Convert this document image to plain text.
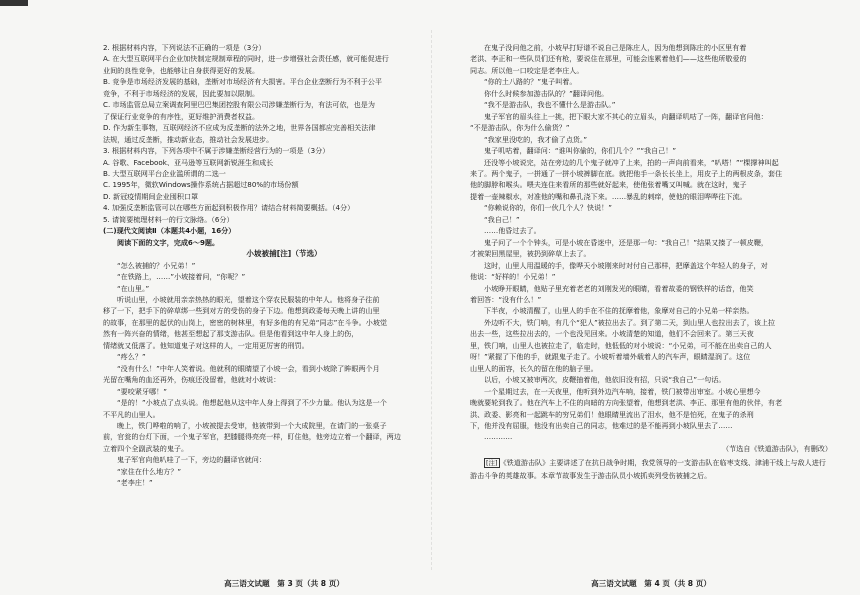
2. 根据材料内容，下列说法不正确的一项是（3分）

A. 在大型互联网平台企业加快制定规制章程的同时，进一步增强社会责任感，就可能促进行

业间的良性竞争，也能够让自身获得更好的发展。

B. 竞争是市场经济发展的基础，垄断对市场经济有大损害。平台企业垄断行为不利于公平

竞争，不利于市场经济的发展，因此要加以限制。

C. 市场监管总局立案调查阿里巴巴集团控股有限公司涉嫌垄断行为，有法可依，也是为

了保证行业竞争的有序性，更好维护消费者权益。

D. 作为新生事物，互联网经济不应成为反垄断的法外之地，世界各国都应完善相关法律

法规，通过反垄断，推动新业态，推动社会发展进步。

3. 根据材料内容，下列各项中不属于涉嫌垄断经营行为的一项是（3分）

A. 谷歌、Facebook、亚马逊等互联网新锐涯生和成长

B. 大型互联网平台企业滥所谓的二选一

C. 1995年，微软Windows操作系统占据超过80%的市场份额

D. 新冠疫情期间企业囤积口罩

4. 加强反垄断监管可以在哪些方面起到积极作用？请结合材料简要概括。（4分）

5. 请简要梳理材料一的行文脉络。（6分）

(二)现代文阅读Ⅱ（本题共4小题，16分）

阅读下面的文字，完成6～9题。

小坡被捕[注]（节选）

“怎么被捕的？小兄弟！”

“在铁路上，……”小坡接着问，“你呢？”

“在山里。”

听说山里，小坡就用亲亲热热的眼光，望着这个穿农民服装的中年人。他将身子往前

移了一下，把手下的碎草绑一些到对方的受伤的身子下边。他想到政委每天晚上讲的山里

的故事，在那里的起伏的山岗上，密密的树林里，有好多他的有兄弟“同志”在斗争。小坡觉

然有一阵兴奋的情绪，他甚至想起了那支游击队。但是他看到这中年人身上的伤，

情绪就又低落了。他知道鬼子对这样的人，一定用更厉害的刑罚。

“疼么？”

“没有什么！”中年人笑着说。他就利的眼睛望了小坡一会，看到小坡除了眸眼两个月

光留在嘴角的血还再外，伤痕还没留着，他就对小坡说：

“要咬紧牙哪！”

“是的！”小坡点了点头说。他想起他从这中年人身上得到了不少力量。他认为这是一个

不平凡的山里人。

晚上，铁门哗啦的响了，小坡被提去受审，他被带到一个大成院里，在请门的一张桌子

前，官瓮的台灯下面，一个鬼子军官，把膝腿得亮亮一样，盯住他，他旁边立着一个翻译，两边

立着四个全副武装的鬼子。

鬼子军官向他叭哇了一下，旁边的翻译官就问：

“家住在什么地方？”

“老李庄！”

在鬼子没问他之前，小坡早打好谱不说自己是陈庄人，因为他想到陈庄的小区里有着

老洪、李正和一些队员们还有枪，要说住在那里，可能会连累着他们——这些他所敬爱的

同志。所以他一口咬定是老李庄人。

“你的土八路的？”鬼子叫着。

你什么时候参加游击队的？”翻译问他。

“我不是游击队，我也不懂什么是游击队。”

鬼子军官的眉头往上一挑，把下眼大家不其心的立眉头，向翻译叽咕了一阵，翻译官问他：

“不是游击队，你为什么偷货？”

“我家里没吃的，我才偷了点货。”

鬼子叽咕着，翻译问：“谁叫你偷的，你们几个？”“我自己！”

还没等小坡说完，站在旁边的几个鬼子就冲了上来，拍的一声向前看来，“叭嗒！”“棵撑神叫起

来了。两个鬼子，一拼通了一拼小坡裤脚在底。就把他手一条长长坐上，用皮子上的两根皮条，套住

他的脚脖和喉头。喂夫连住来看所的那些就好起来，使他张着嘴又叫喊。就在这时，鬼子

提着一壶辣椒水，对准他的嘴和鼻孔浇下来。……暴乱的刺痒，使他的眼泪哗哗往下流。

“你赖说你的，你们一伙几个人？快说！”

“我自己！”

……他昏过去了。

鬼子问了一个个钟头，可是小坡在昏迷中，还是那一句：“我自己！”结果又揍了一顿皮鞭，

才被架回黑屋里，被扔到碎草上去了。

这时，山里人用温暖的手，像哗天小坡刚来时对付自己那样，把摩盖这个年轻人的身子，对

他说：“好样的！小兄弟！”

小坡睁开眼睛，他贴子里充着老老的刘刚发光的眼睛，看着故委的钢铁样的话音，他笑

着回答：“没有什么！”

下半夜，小坡清醒了，山里人的手在不住的抚摩着他，象摩对自己的小兄弟一样亲热。

外边听不大，铁门响，有几个“犯人”被拉出去了。到了第二天，到山里人也拉出去了，该上拉

出去一些，这些拉出去的，一个也没见回来。小坡清楚的知道，他们不会回来了。第三天夜

里，铁门响，山里人也被拉走了，临走时，他低低的对小坡说：“小兄弟，可不能在出卖自己的人

呀！”紧握了下他的手，就跟鬼子走了。小坡听着墙外载着人的汽车声，眼睛湿润了。这位

山里人的面容，长久的留在他的脑子里。

以后，小坡又被审两次，皮鞭抽着他，他依旧没有招，只说“我自己”一句话。

一个星期过去，在一天夜里，他听到外边汽车响，接着，铁门被带出审室。小坡心里想今

晚就要轮到我了。他在汽车上不住的向暗的方向张望着，他想到老洪、李正、那里有他的伙伴，有老

洪、政委、影亮和一起跳车的穷兄弟们！他眼睛里流出了泪水，他不是怕死，在鬼子的杀刑

下，他并没有屈服，他没有出卖自己的同志，他难过的是不能再到小坡队里去了……

…………

（节选自《铁道游击队》，有删改）

[注] 《铁道游击队》主要讲述了在抗日战争时期，我党领导的一支游击队在临枣支线、津浦干线上与敌人进行游击斗争的英雄故事。本章节故事发生于游击队员小坡抓卖列受伤被捕之后。

高三语文试题　第 3 页（共 8 页）	高三语文试题　第 4 页（共 8 页）
